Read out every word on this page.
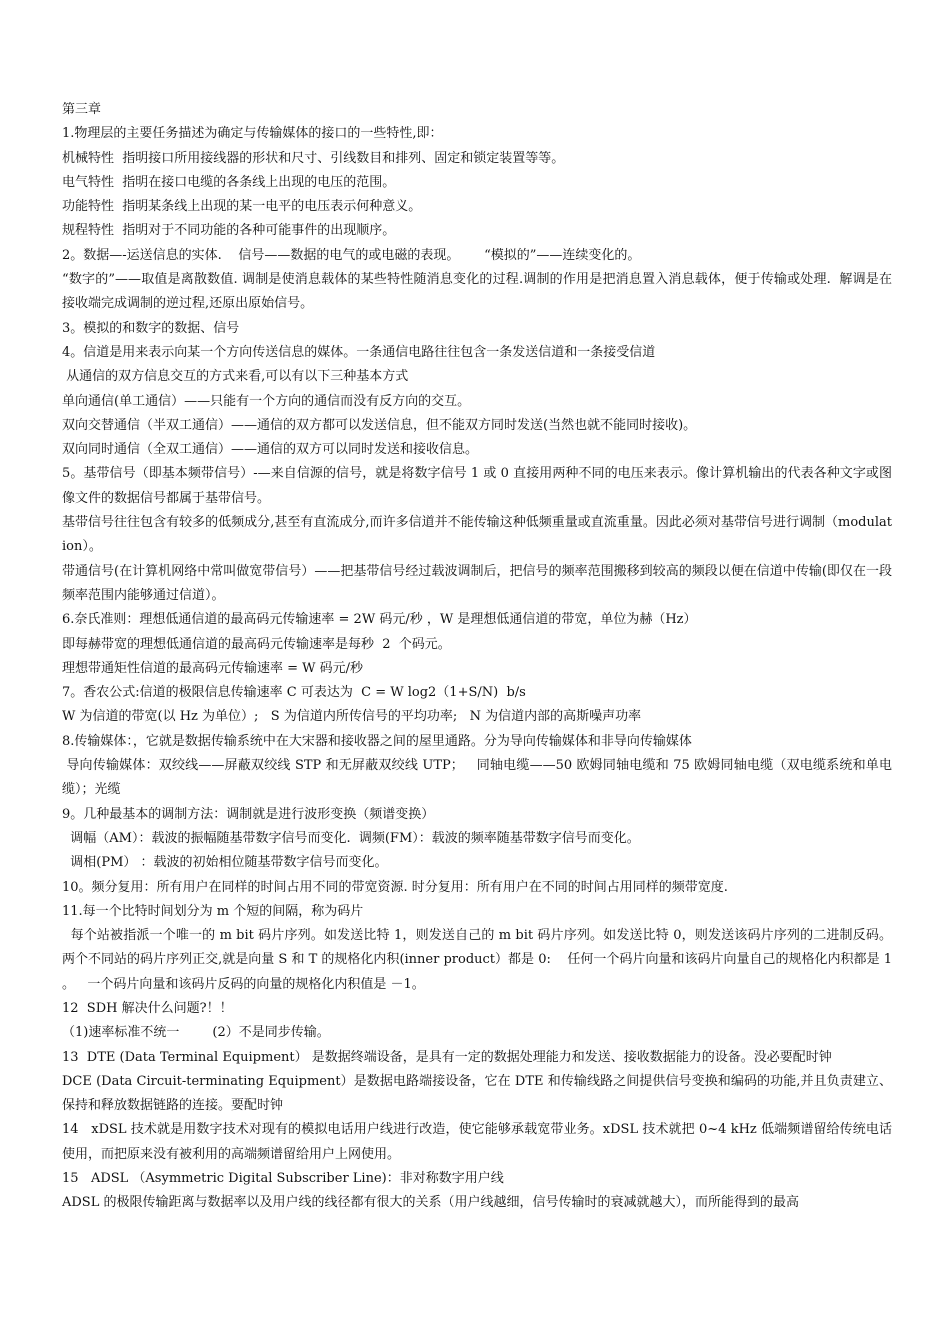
第三章

1.物理层的主要任务描述为确定与传输媒体的接口的一些特性,即：

机械特性  指明接口所用接线器的形状和尺寸、引线数目和排列、固定和锁定装置等等。

电气特性  指明在接口电缆的各条线上出现的电压的范围。

功能特性  指明某条线上出现的某一电平的电压表示何种意义。

规程特性  指明对于不同功能的各种可能事件的出现顺序。

2。数据—-运送信息的实体.    信号——数据的电气的或电磁的表现。      “模拟的”——连续变化的。

“数字的”——取值是离散数值. 调制是使消息载体的某些特性随消息变化的过程.调制的作用是把消息置入消息载体，便于传输或处理.  解调是在接收端完成调制的逆过程,还原出原始信号。

3。模拟的和数字的数据、信号

4。信道是用来表示向某一个方向传送信息的媒体。一条通信电路往往包含一条发送信道和一条接受信道

从通信的双方信息交互的方式来看,可以有以下三种基本方式

单向通信(单工通信）——只能有一个方向的通信而没有反方向的交互。

双向交替通信（半双工通信）——通信的双方都可以发送信息，但不能双方同时发送(当然也就不能同时接收)。

双向同时通信（全双工通信）——通信的双方可以同时发送和接收信息。

5。基带信号（即基本频带信号）-—来自信源的信号，就是将数字信号 1 或 0 直接用两种不同的电压来表示。像计算机输出的代表各种文字或图像文件的数据信号都属于基带信号。

基带信号往往包含有较多的低频成分,甚至有直流成分,而许多信道并不能传输这种低频重量或直流重量。因此必须对基带信号进行调制（modulation）。

带通信号(在计算机网络中常叫做宽带信号）——把基带信号经过载波调制后，把信号的频率范围搬移到较高的频段以便在信道中传输(即仅在一段频率范围内能够通过信道）。

6.奈氏准则：理想低通信道的最高码元传输速率 = 2W 码元/秒 ，W 是理想低通信道的带宽，单位为赫（Hz）

即每赫带宽的理想低通信道的最高码元传输速率是每秒  2  个码元。

理想带通矩性信道的最高码元传输速率 = W 码元/秒

7。香农公式:信道的极限信息传输速率 C 可表达为  C = W log2（1+S/N)  b/s

W 为信道的带宽(以 Hz 为单位）;   S 为信道内所传信号的平均功率;   N 为信道内部的高斯噪声功率

8.传输媒体：，它就是数据传输系统中在大宋器和接收器之间的屋里通路。分为导向传输媒体和非导向传输媒体

导向传输媒体：双绞线——屏蔽双绞线 STP 和无屏蔽双绞线 UTP；   同轴电缆——50 欧姆同轴电缆和 75 欧姆同轴电缆（双电缆系统和单电缆）；光缆

9。几种最基本的调制方法：调制就是进行波形变换（频谱变换）

调幅（AM）：载波的振幅随基带数字信号而变化.  调频(FM）：载波的频率随基带数字信号而变化。

调相(PM） ：载波的初始相位随基带数字信号而变化。

10。频分复用：所有用户在同样的时间占用不同的带宽资源. 时分复用：所有用户在不同的时间占用同样的频带宽度.

11.每一个比特时间划分为 m 个短的间隔，称为码片

每个站被指派一个唯一的 m bit 码片序列。如发送比特 1，则发送自己的 m bit 码片序列。如发送比特 0，则发送该码片序列的二进制反码。  两个不同站的码片序列正交,就是向量 S 和 T 的规格化内积(inner product）都是 0:    任何一个码片向量和该码片向量自己的规格化内积都是 1 。   一个码片向量和该码片反码的向量的规格化内积值是 －1。

12  SDH 解决什么问题?！！

（1)速率标准不统一        (2）不是同步传输。

13  DTE (Data Terminal Equipment） 是数据终端设备，是具有一定的数据处理能力和发送、接收数据能力的设备。没必要配时钟

DCE (Data Circuit-terminating Equipment）是数据电路端接设备，它在 DTE 和传输线路之间提供信号变换和编码的功能,并且负责建立、保持和释放数据链路的连接。要配时钟

14   xDSL 技术就是用数字技术对现有的模拟电话用户线进行改造，使它能够承载宽带业务。xDSL 技术就把 0~4 kHz 低端频谱留给传统电话使用，而把原来没有被利用的高端频谱留给用户上网使用。

15   ADSL （Asymmetric Digital Subscriber Line)：非对称数字用户线

ADSL 的极限传输距离与数据率以及用户线的线径都有很大的关系（用户线越细，信号传输时的衰减就越大），而所能得到的最高
